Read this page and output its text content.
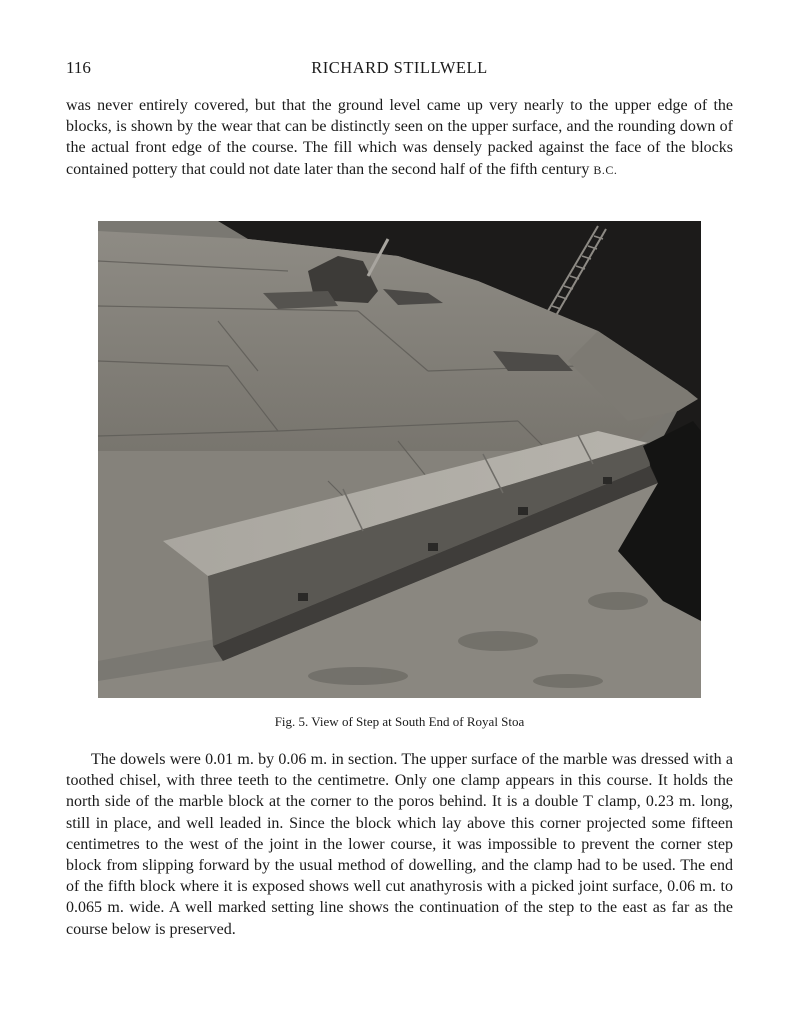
116	RICHARD STILLWELL

was never entirely covered, but that the ground level came up very nearly to the upper edge of the blocks, is shown by the wear that can be distinctly seen on the upper surface, and the rounding down of the actual front edge of the course. The fill which was densely packed against the face of the blocks contained pottery that could not date later than the second half of the fifth century B.C.

Fig. 5. View of Step at South End of Royal Stoa

The dowels were 0.01 m. by 0.06 m. in section. The upper surface of the marble was dressed with a toothed chisel, with three teeth to the centimetre. Only one clamp appears in this course. It holds the north side of the marble block at the corner to the poros behind. It is a double T clamp, 0.23 m. long, still in place, and well leaded in. Since the block which lay above this corner projected some fifteen centimetres to the west of the joint in the lower course, it was impossible to prevent the corner step block from slipping forward by the usual method of dowelling, and the clamp had to be used. The end of the fifth block where it is exposed shows well cut anathyrosis with a picked joint surface, 0.06 m. to 0.065 m. wide. A well marked setting line shows the continuation of the step to the east as far as the course below is preserved.
